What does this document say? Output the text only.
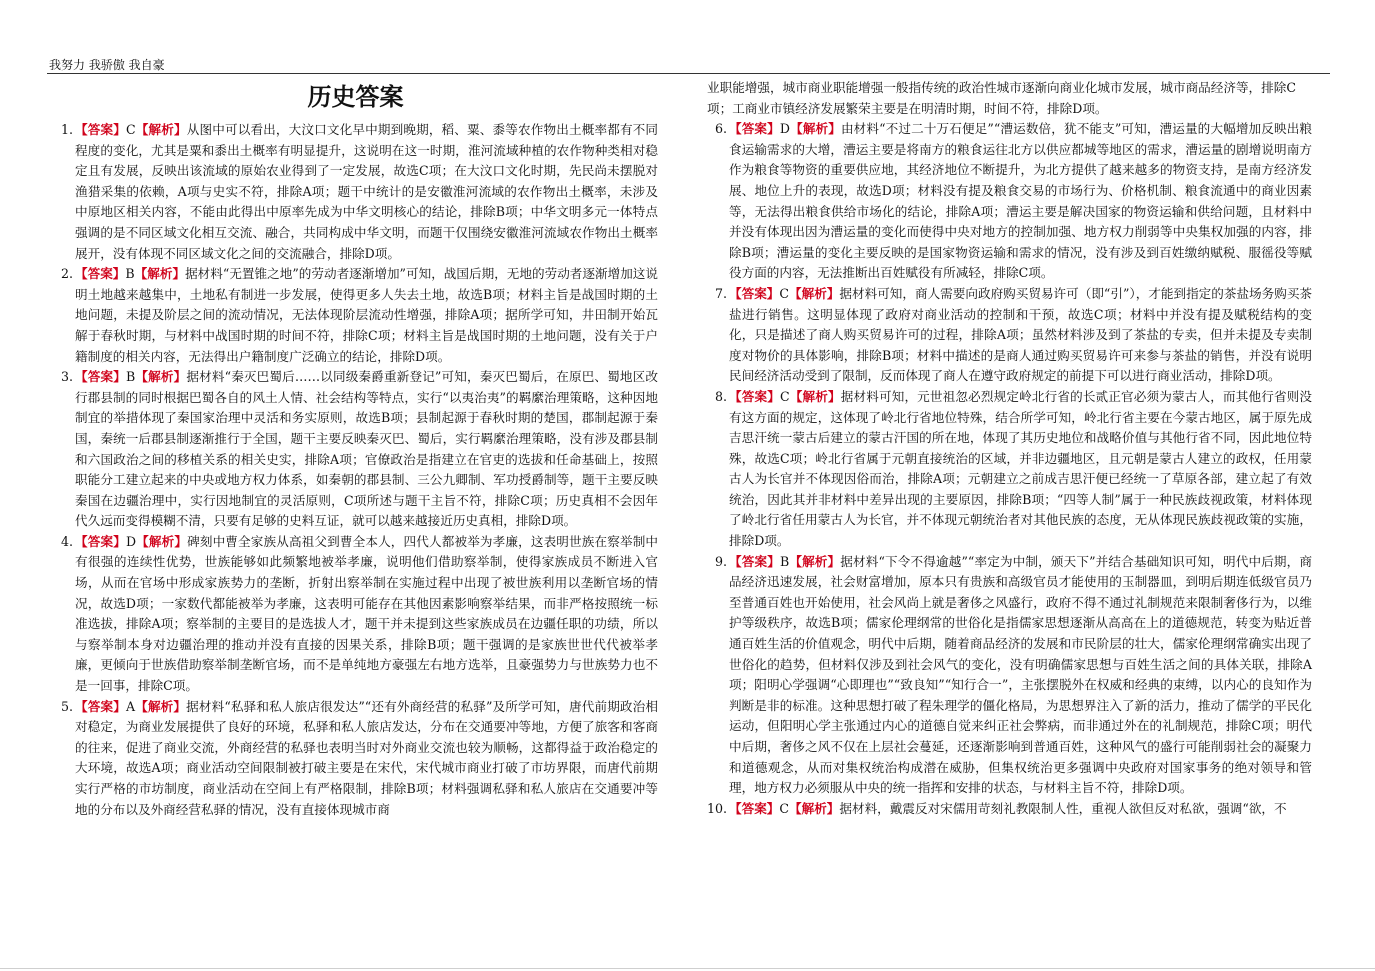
我努力 我骄傲 我自豪
历史答案
1. 【答案】C【解析】从图中可以看出，大汶口文化早中期到晚期，稻、粟、黍等农作物出土概率都有不同程度的变化，尤其是粟和黍出土概率有明显提升，这说明在这一时期，淮河流域种植的农作物种类相对稳定且有发展，反映出该流域的原始农业得到了一定发展，故选C项；在大汶口文化时期，先民尚未摆脱对渔猎采集的依赖，A项与史实不符，排除A项；题干中统计的是安徽淮河流域的农作物出土概率，未涉及中原地区相关内容，不能由此得出中原率先成为中华文明核心的结论，排除B项；中华文明多元一体特点强调的是不同区域文化相互交流、融合，共同构成中华文明，而题干仅围绕安徽淮河流域农作物出土概率展开，没有体现不同区域文化之间的交流融合，排除D项。
2. 【答案】B【解析】据材料“无置锥之地”的劳动者逐渐增加”可知，战国后期，无地的劳动者逐渐增加这说明土地越来越集中，土地私有制进一步发展，使得更多人失去土地，故选B项；材料主旨是战国时期的土地问题，未提及阶层之间的流动情况，无法体现阶层流动性增强，排除A项；据所学可知，井田制开始瓦解于春秋时期，与材料中战国时期的时间不符，排除C项；材料主旨是战国时期的土地问题，没有关于户籍制度的相关内容，无法得出户籍制度广泛确立的结论，排除D项。
3. 【答案】B【解析】据材料“秦灭巴蜀后……以同级秦爵重新登记”可知，秦灭巴蜀后，在原巴、蜀地区改行郡县制的同时根据巴蜀各自的风土人情、社会结构等特点，实行“以夷治夷”的羁縻治理策略，这种因地制宜的举措体现了秦国家治理中灵活和务实原则，故选B项；县制起源于春秋时期的楚国，郡制起源于秦国，秦统一后郡县制逐渐推行于全国，题干主要反映秦灭巴、蜀后，实行羁縻治理策略，没有涉及郡县制和六国政治之间的移植关系的相关史实，排除A项；官僚政治是指建立在官吏的选拔和任命基础上，按照职能分工建立起来的中央或地方权力体系，如秦朝的郡县制、三公九卿制、军功授爵制等，题干主要反映秦国在边疆治理中，实行因地制宜的灵活原则，C项所述与题干主旨不符，排除C项；历史真相不会因年代久远而变得模糊不清，只要有足够的史料互证，就可以越来越接近历史真相，排除D项。
4. 【答案】D【解析】碑刻中曹全家族从高祖父到曹全本人，四代人都被举为孝廉，这表明世族在察举制中有很强的连续性优势，世族能够如此频繁地被举孝廉，说明他们借助察举制，使得家族成员不断进入官场，从而在官场中形成家族势力的垄断，折射出察举制在实施过程中出现了被世族利用以垄断官场的情况，故选D项；一家数代都能被举为孝廉，这表明可能存在其他因素影响察举结果，而非严格按照统一标准选拔，排除A项；察举制的主要目的是选拔人才，题干并未提到这些家族成员在边疆任职的功绩，所以与察举制本身对边疆治理的推动并没有直接的因果关系，排除B项；题干强调的是家族世世代代被举孝廉，更倾向于世族借助察举制垄断官场，而不是单纯地方豪强左右地方选举，且豪强势力与世族势力也不是一回事，排除C项。
5. 【答案】A【解析】据材料“私驿和私人旅店很发达”“还有外商经营的私驿”及所学可知，唐代前期政治相对稳定，为商业发展提供了良好的环境，私驿和私人旅店发达，分布在交通要冲等地，方便了旅客和客商的往来，促进了商业交流，外商经营的私驿也表明当时对外商业交流也较为顺畅，这都得益于政治稳定的大环境，故选A项；商业活动空间限制被打破主要是在宋代，宋代城市商业打破了市坊界限，而唐代前期实行严格的市坊制度，商业活动在空间上有严格限制，排除B项；材料强调私驿和私人旅店在交通要冲等地的分布以及外商经营私驿的情况，没有直接体现城市商
业职能增强，城市商业职能增强一般指传统的政治性城市逐渐向商业化城市发展，城市商品经济等，排除C项；工商业市镇经济发展繁荣主要是在明清时期，时间不符，排除D项。
6. 【答案】D【解析】由材料“不过二十万石便足”“漕运数倍，犹不能支”可知，漕运量的大幅增加反映出粮食运输需求的大增，漕运主要是将南方的粮食运往北方以供应都城等地区的需求，漕运量的剧增说明南方作为粮食等物资的重要供应地，其经济地位不断提升，为北方提供了越来越多的物资支持，是南方经济发展、地位上升的表现，故选D项；材料没有提及粮食交易的市场行为、价格机制、粮食流通中的商业因素等，无法得出粮食供给市场化的结论，排除A项；漕运主要是解决国家的物资运输和供给问题，且材料中并没有体现出因为漕运量的变化而使得中央对地方的控制加强、地方权力削弱等中央集权加强的内容，排除B项；漕运量的变化主要反映的是国家物资运输和需求的情况，没有涉及到百姓缴纳赋税、服徭役等赋役方面的内容，无法推断出百姓赋役有所减轻，排除C项。
7. 【答案】C【解析】据材料可知，商人需要向政府购买贸易许可（即“引”），才能到指定的茶盐场务购买茶盐进行销售。这明显体现了政府对商业活动的控制和干预，故选C项；材料中并没有提及赋税结构的变化，只是描述了商人购买贸易许可的过程，排除A项；虽然材料涉及到了茶盐的专卖，但并未提及专卖制度对物价的具体影响，排除B项；材料中描述的是商人通过购买贸易许可来参与茶盐的销售，并没有说明民间经济活动受到了限制，反而体现了商人在遵守政府规定的前提下可以进行商业活动，排除D项。
8. 【答案】C【解析】据材料可知，元世祖忽必烈规定岭北行省的长贰正官必须为蒙古人，而其他行省则没有这方面的规定，这体现了岭北行省地位特殊，结合所学可知，岭北行省主要在今蒙古地区，属于原先成吉思汗统一蒙古后建立的蒙古汗国的所在地，体现了其历史地位和战略价值与其他行省不同，因此地位特殊，故选C项；岭北行省属于元朝直接统治的区域，并非边疆地区，且元朝是蒙古人建立的政权，任用蒙古人为长官并不体现因俗而治，排除A项；元朝建立之前成吉思汗便已经统一了草原各部，建立起了有效统治，因此其并非材料中差异出现的主要原因，排除B项；“四等人制”属于一种民族歧视政策，材料体现了岭北行省任用蒙古人为长官，并不体现元朝统治者对其他民族的态度，无从体现民族歧视政策的实施，排除D项。
9. 【答案】B【解析】据材料“下令不得逾越”“率定为中制，颁天下”并结合基础知识可知，明代中后期，商品经济迅速发展，社会财富增加，原本只有贵族和高级官员才能使用的玉制器皿，到明后期连低级官员乃至普通百姓也开始使用，社会风尚上就是奢侈之风盛行，政府不得不通过礼制规范来限制奢侈行为，以维护等级秩序，故选B项；儒家伦理纲常的世俗化是指儒家思想逐渐从高高在上的道德规范，转变为贴近普通百姓生活的价值观念，明代中后期，随着商品经济的发展和市民阶层的壮大，儒家伦理纲常确实出现了世俗化的趋势，但材料仅涉及到社会风气的变化，没有明确儒家思想与百姓生活之间的具体关联，排除A项；阳明心学强调“心即理也”“致良知”“知行合一”，主张摆脱外在权威和经典的束缚，以内心的良知作为判断是非的标准。这种思想打破了程朱理学的僵化格局，为思想界注入了新的活力，推动了儒学的平民化运动，但阳明心学主张通过内心的道德自觉来纠正社会弊病，而非通过外在的礼制规范，排除C项；明代中后期，奢侈之风不仅在上层社会蔓延，还逐渐影响到普通百姓，这种风气的盛行可能削弱社会的凝聚力和道德观念，从而对集权统治构成潜在威胁，但集权统治更多强调中央政府对国家事务的绝对领导和管理，地方权力必须服从中央的统一指挥和安排的状态，与材料主旨不符，排除D项。
10. 【答案】C【解析】据材料，戴震反对宋儒用苛刻礼教限制人性，重视人欲但反对私欲，强调“欲，不
